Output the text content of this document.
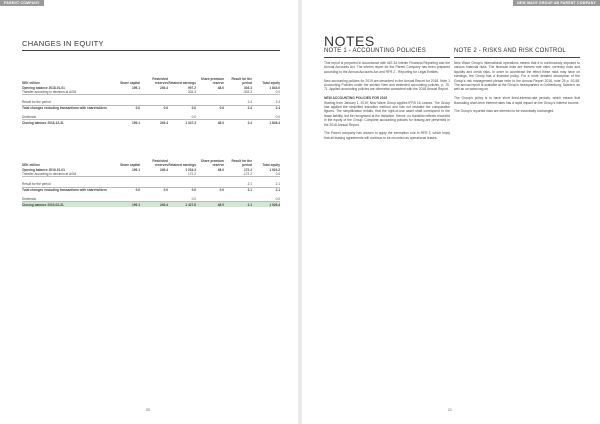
PARENT COMPANY
CHANGES IN EQUITY
SEK million	Share capital	Restricted reserves	Retained earnings	Share premium reserve	Result for the period	Total equity
Opening balance 2018-01-01	199.1	249.4	997.2	48.0	303.3	1 843.0
Transfer according to decision at AGM			303.3		-303.3	0.0

Result for the period					2.4	2.4
Total changes excluding transactions with shareholders	0.0	0.0	0.0	0.0	2.4	2.4

Dividends			0.0			0.0
Closing balance 2018-12-31	199.1	249.4	1 347.3	48.0	2.4	1 846.4
SEK million	Share capital	Restricted reserves	Retained earnings	Share premium reserve	Result for the period	Total equity
Opening balance 2019-01-01	199.1	249.4	1 234.3	48.0	172.2	1 924.2
Transfer according to decision at AGM			172.2		-172.2	0.0

Result for the period					2.1	2.1
Total changes excluding transactions with shareholders	0.0	0.0	0.0	0.0	2.1	2.1

Dividends			0.0			0.0
Closing balance 2019-03-31	199.1	249.4	1 427.8	48.0	2.1	1 926.4
20
NEW WAVE GROUP AB PARENT COMPANY
NOTES
NOTE 1 - ACCOUNTING POLICIES	NOTE 2 - RISKS AND RISK CONTROL

This report is prepared in accordance with IAS 34 Interim Financial Reporting and the Annual Accounts Act. The interim report for the Parent Company has been prepared according to the Annual Accounts Act and RFR 2 - Reporting for Legal Entities.

New accounting policies for 2019 are described in the Annual Report for 2018, Note 1 Accounting Policies under the section New and amended accounting policies, p. 70-71. Applied accounting policies are otherwise consistent with the 2018 Annual Report.

NEW ACCOUNTING POLICIES FOR 2019

Starting from January 1, 2019, New Wave Group applies IFRS 16 Leases. The Group has applied the simplified transition method and has not restated the comparative figures. The simplification entails, that the right-of-use asset shall correspond to the lease liability, but be recognised at the transition. Hence, no transition effects recorded in the equity of the Group. Complete accounting policies for leasing are presented in the 2018 Annual Report.

The Parent company has chosen to apply the exemption rule in RFR 2, which imply that all leasing agreements will continue to be recorded as operational leases.

New Wave Group's international operations means that it is continuously exposed to various financial risks. The financial risks are interest rate risks, currency risks and liquidity and credit risks. In order to counteract the effect these risks may have on earnings, the Group has a financial policy. For a more detailed description of the Group's risk management please refer to the Annual Report 2018, note 25 p. 92-98. The annual report is available at the Group's headquarters in Gothenburg, Sweden, as well as on www.nwg.se.

The Group's policy is to have short fixed-interest-rate periods, which means that fluctuating short-term interest rates has a rapid impact on the Group's interest income.

The Group's reported risks are deemed to be essentially unchanged.

21
